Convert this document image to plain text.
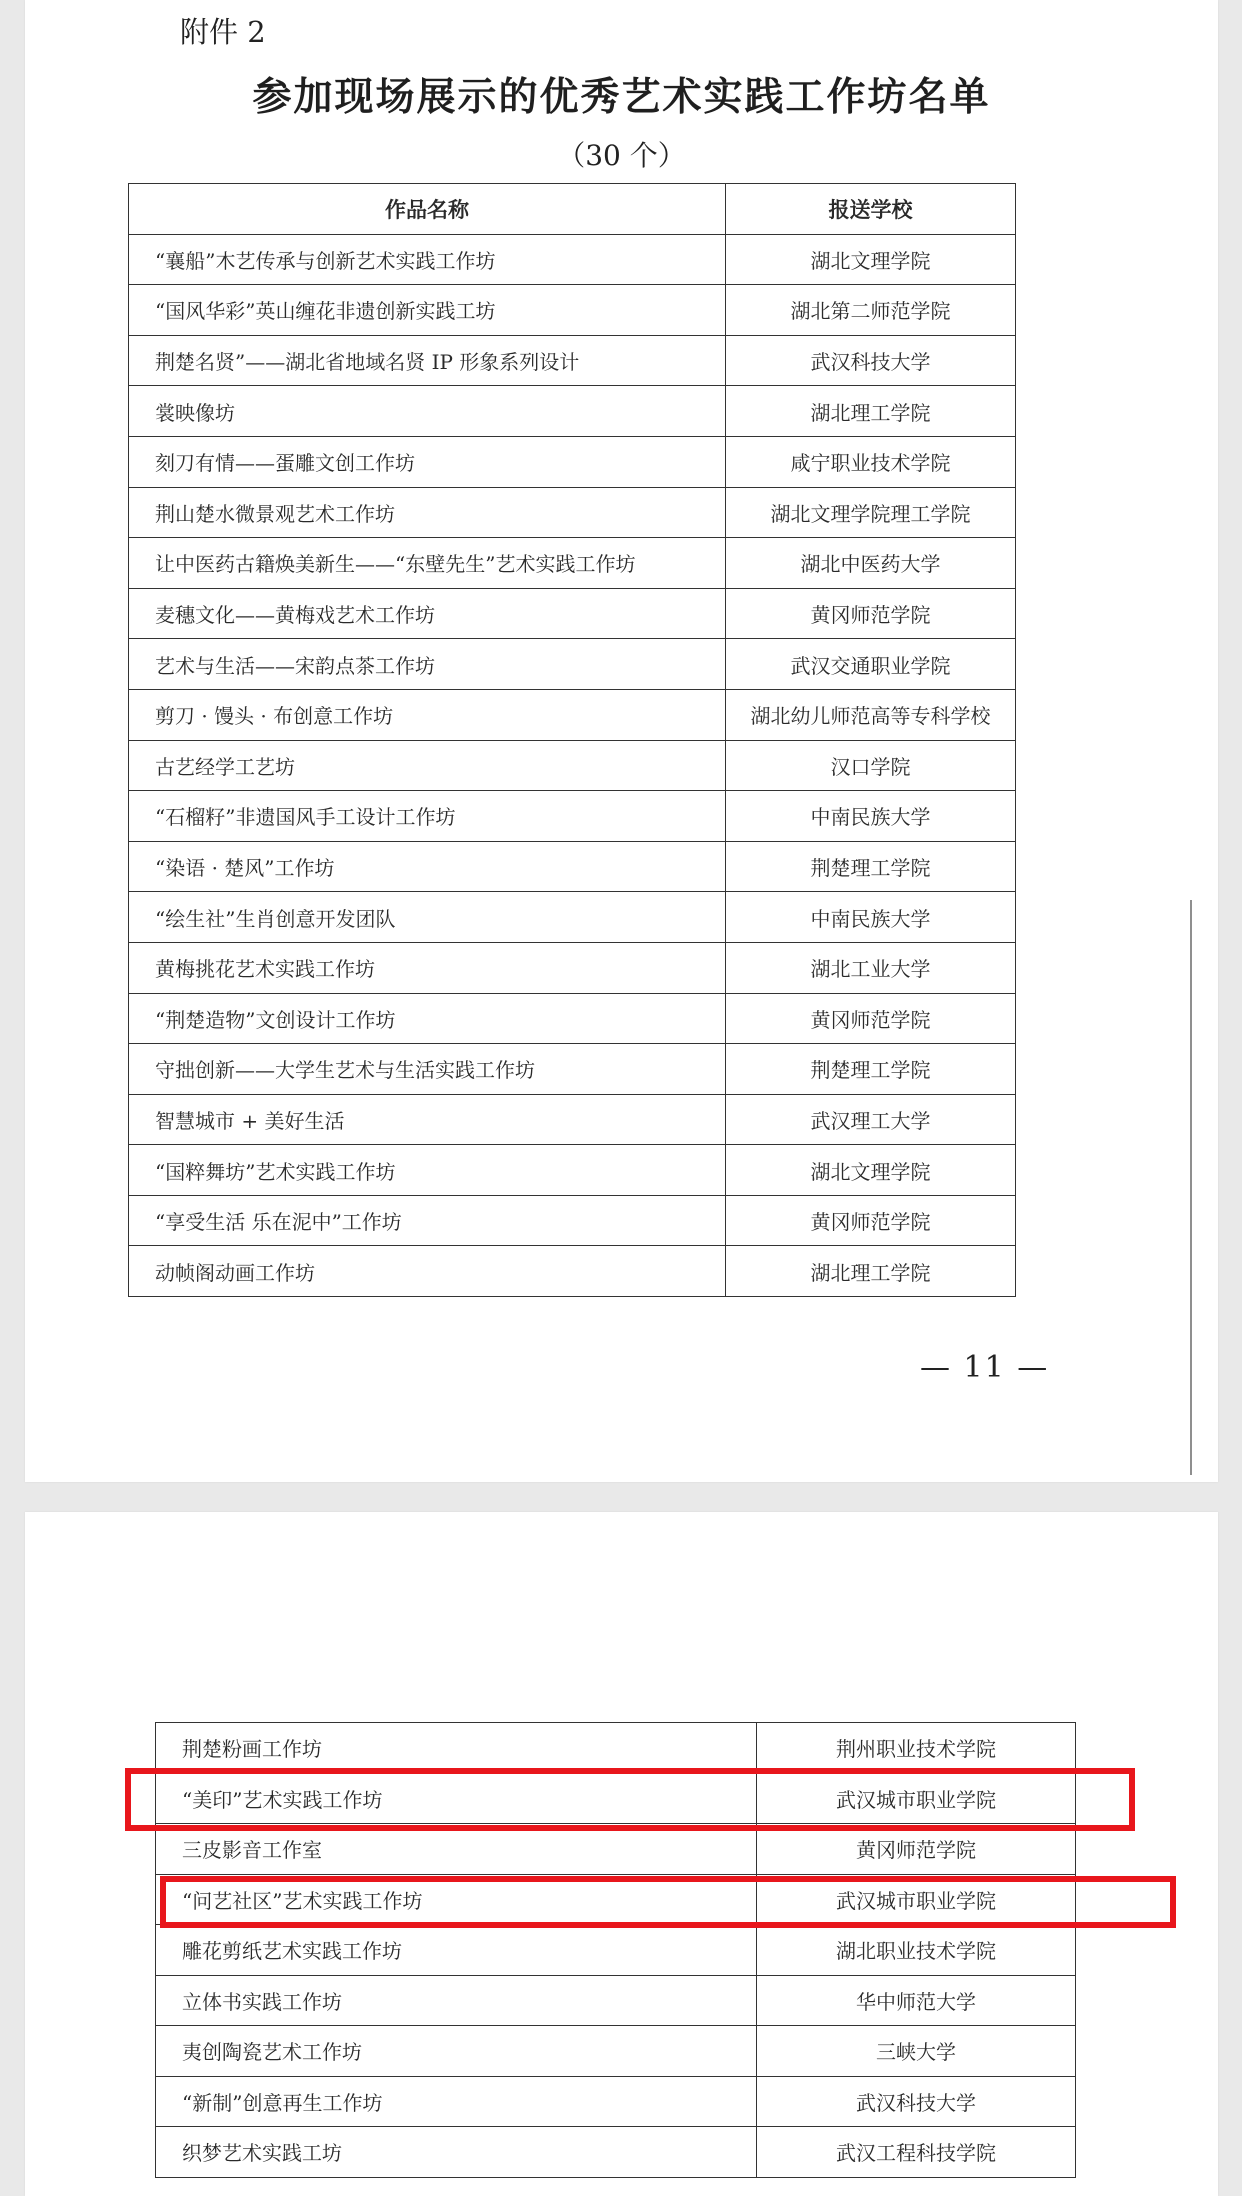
附件 2
参加现场展示的优秀艺术实践工作坊名单
（30 个）
— 11 —
作品名称	报送学校
“襄船”木艺传承与创新艺术实践工作坊	湖北文理学院
“国风华彩”英山缠花非遗创新实践工坊	湖北第二师范学院
荆楚名贤”——湖北省地域名贤 IP 形象系列设计	武汉科技大学
裳映像坊	湖北理工学院
刻刀有情——蛋雕文创工作坊	咸宁职业技术学院
荆山楚水微景观艺术工作坊	湖北文理学院理工学院
让中医药古籍焕美新生——“东壁先生”艺术实践工作坊	湖北中医药大学
麦穗文化——黄梅戏艺术工作坊	黄冈师范学院
艺术与生活——宋韵点茶工作坊	武汉交通职业学院
剪刀 · 馒头 · 布创意工作坊	湖北幼儿师范高等专科学校
古艺经学工艺坊	汉口学院
“石榴籽”非遗国风手工设计工作坊	中南民族大学
“染语 · 楚风”工作坊	荆楚理工学院
“绘生社”生肖创意开发团队	中南民族大学
黄梅挑花艺术实践工作坊	湖北工业大学
“荆楚造物”文创设计工作坊	黄冈师范学院
守拙创新——大学生艺术与生活实践工作坊	荆楚理工学院
智慧城市 + 美好生活	武汉理工大学
“国粹舞坊”艺术实践工作坊	湖北文理学院
“享受生活 乐在泥中”工作坊	黄冈师范学院
动帧阁动画工作坊	湖北理工学院
荆楚粉画工作坊	荆州职业技术学院
“美印”艺术实践工作坊	武汉城市职业学院
三皮影音工作室	黄冈师范学院
“问艺社区”艺术实践工作坊	武汉城市职业学院
雕花剪纸艺术实践工作坊	湖北职业技术学院
立体书实践工作坊	华中师范大学
夷创陶瓷艺术工作坊	三峡大学
“新制”创意再生工作坊	武汉科技大学
织梦艺术实践工坊	武汉工程科技学院
